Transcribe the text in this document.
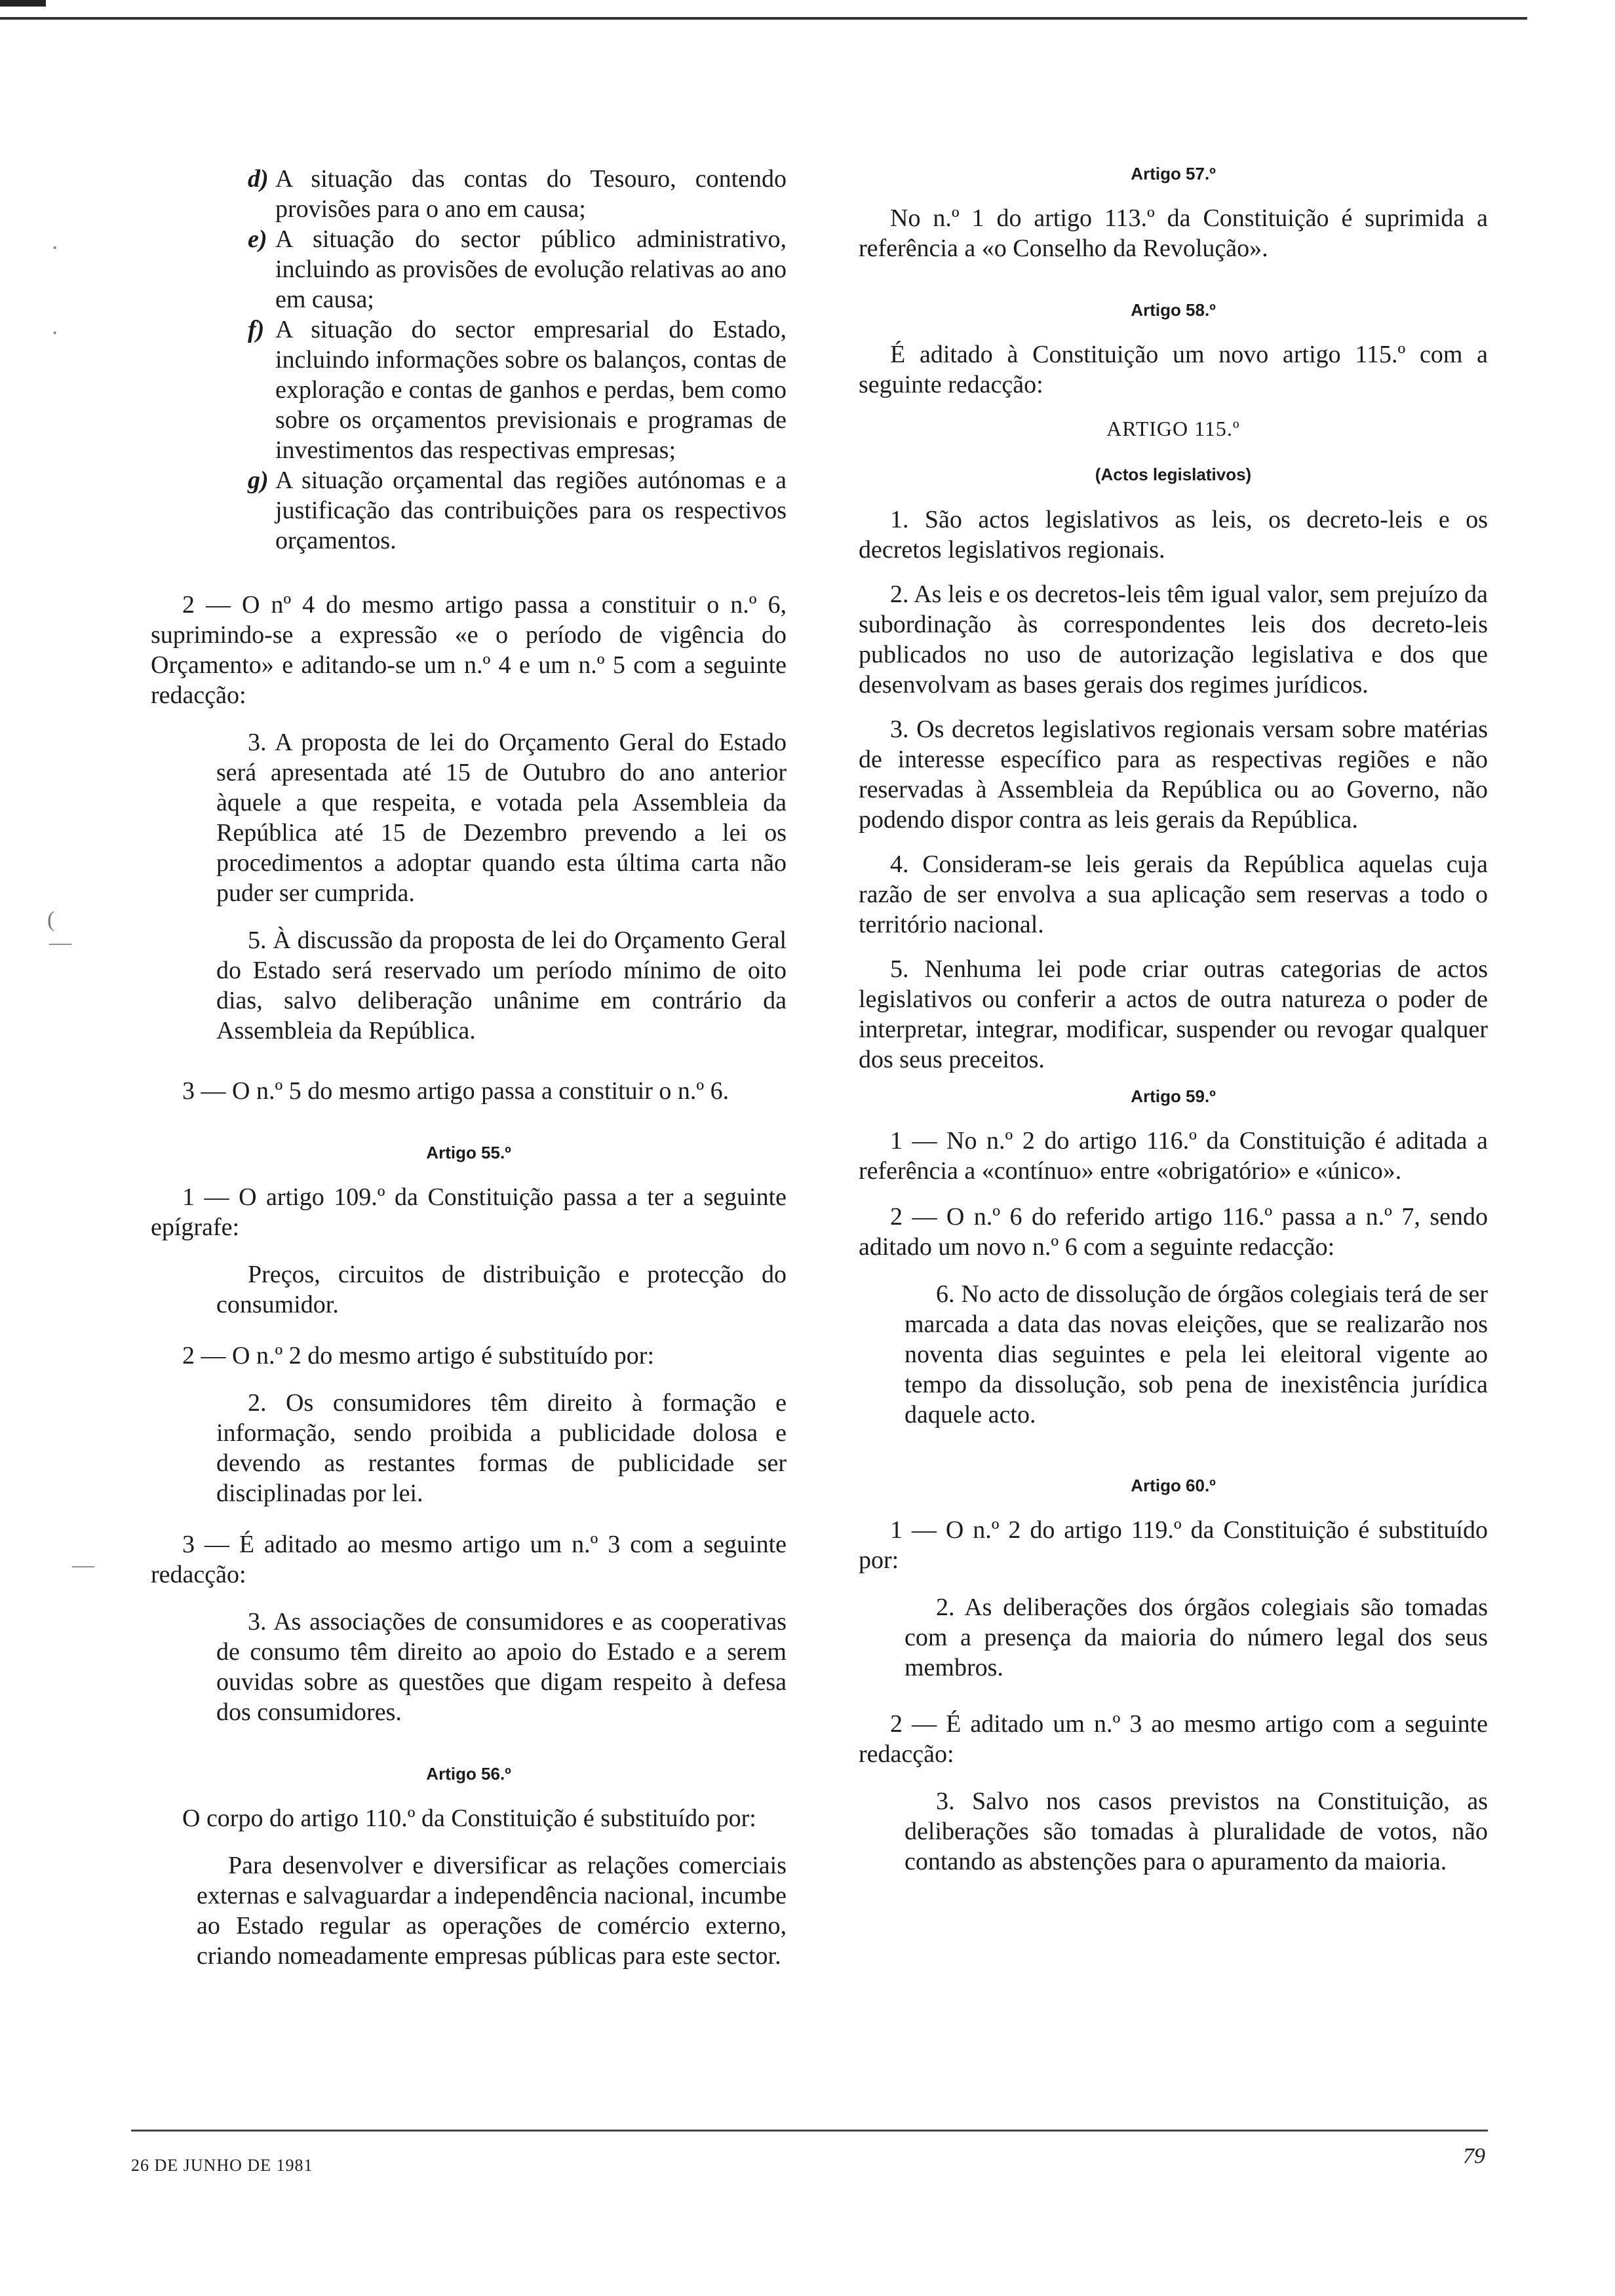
·
·
(
—
—

d) A situação das contas do Tesouro, contendo provisões para o ano em causa;

e) A situação do sector público administrativo, incluindo as provisões de evolução relativas ao ano em causa;

f) A situação do sector empresarial do Estado, incluindo informações sobre os balanços, contas de exploração e contas de ganhos e perdas, bem como sobre os orçamentos previsionais e programas de investimentos das respectivas empresas;

g) A situação orçamental das regiões autónomas e a justificação das contribuições para os respectivos orçamentos.

2 — O nº 4 do mesmo artigo passa a constituir o n.º 6, suprimindo-se a expressão «e o período de vigência do Orçamento» e aditando-se um n.º 4 e um n.º 5 com a seguinte redacção:

3. A proposta de lei do Orçamento Geral do Estado será apresentada até 15 de Outubro do ano anterior àquele a que respeita, e votada pela Assembleia da República até 15 de Dezembro prevendo a lei os procedimentos a adoptar quando esta última carta não puder ser cumprida.

5. À discussão da proposta de lei do Orçamento Geral do Estado será reservado um período mínimo de oito dias, salvo deliberação unânime em contrário da Assembleia da República.

3 — O n.º 5 do mesmo artigo passa a constituir o n.º 6.

Artigo 55.º

1 — O artigo 109.º da Constituição passa a ter a seguinte epígrafe:

Preços, circuitos de distribuição e protecção do consumidor.

2 — O n.º 2 do mesmo artigo é substituído por:

2. Os consumidores têm direito à formação e informação, sendo proibida a publicidade dolosa e devendo as restantes formas de publicidade ser disciplinadas por lei.

3 — É aditado ao mesmo artigo um n.º 3 com a seguinte redacção:

3. As associações de consumidores e as cooperativas de consumo têm direito ao apoio do Estado e a serem ouvidas sobre as questões que digam respeito à defesa dos consumidores.

Artigo 56.º

O corpo do artigo 110.º da Constituição é substituído por:

Para desenvolver e diversificar as relações comerciais externas e salvaguardar a independência nacional, incumbe ao Estado regular as operações de comércio externo, criando nomeadamente empresas públicas para este sector.

Artigo 57.º

No n.º 1 do artigo 113.º da Constituição é suprimida a referência a «o Conselho da Revolução».

Artigo 58.º

É aditado à Constituição um novo artigo 115.º com a seguinte redacção:

ARTIGO 115.º
(Actos legislativos)

1. São actos legislativos as leis, os decreto-leis e os decretos legislativos regionais.

2. As leis e os decretos-leis têm igual valor, sem prejuízo da subordinação às correspondentes leis dos decreto-leis publicados no uso de autorização legislativa e dos que desenvolvam as bases gerais dos regimes jurídicos.

3. Os decretos legislativos regionais versam sobre matérias de interesse específico para as respectivas regiões e não reservadas à Assembleia da República ou ao Governo, não podendo dispor contra as leis gerais da República.

4. Consideram-se leis gerais da República aquelas cuja razão de ser envolva a sua aplicação sem reservas a todo o território nacional.

5. Nenhuma lei pode criar outras categorias de actos legislativos ou conferir a actos de outra natureza o poder de interpretar, integrar, modificar, suspender ou revogar qualquer dos seus preceitos.

Artigo 59.º

1 — No n.º 2 do artigo 116.º da Constituição é aditada a referência a «contínuo» entre «obrigatório» e «único».

2 — O n.º 6 do referido artigo 116.º passa a n.º 7, sendo aditado um novo n.º 6 com a seguinte redacção:

6. No acto de dissolução de órgãos colegiais terá de ser marcada a data das novas eleições, que se realizarão nos noventa dias seguintes e pela lei eleitoral vigente ao tempo da dissolução, sob pena de inexistência jurídica daquele acto.

Artigo 60.º

1 — O n.º 2 do artigo 119.º da Constituição é substituído por:

2. As deliberações dos órgãos colegiais são tomadas com a presença da maioria do número legal dos seus membros.

2 — É aditado um n.º 3 ao mesmo artigo com a seguinte redacção:

3. Salvo nos casos previstos na Constituição, as deliberações são tomadas à pluralidade de votos, não contando as abstenções para o apuramento da maioria.

26 DE JUNHO DE 1981	79
